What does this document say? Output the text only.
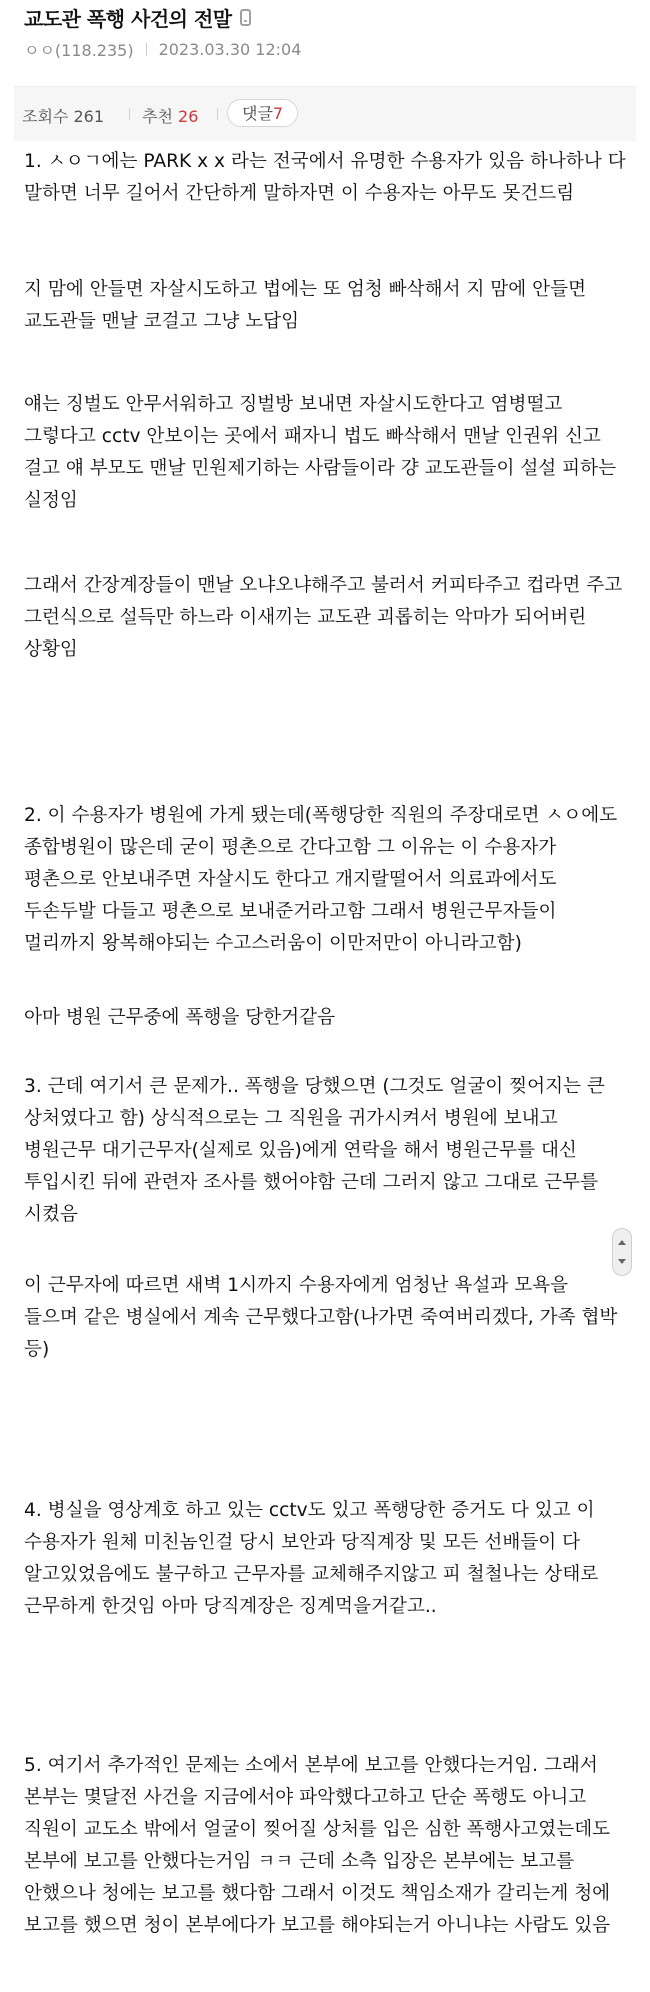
교도관 폭행 사건의 전말
ㅇㅇ(118.235) 2023.03.30 12:04
조회수 261 추천 26	댓글7

1. ㅅㅇㄱ에는 PARK x x 라는 전국에서 유명한 수용자가 있음 하나하나 다 말하면 너무 길어서 간단하게 말하자면 이 수용자는 아무도 못건드림

지 맘에 안들면 자살시도하고 법에는 또 엄청 빠삭해서 지 맘에 안들면 교도관들 맨날 코걸고 그냥 노답임

얘는 징벌도 안무서워하고 징벌방 보내면 자살시도한다고 염병떨고 그렇다고 cctv 안보이는 곳에서 패자니 법도 빠삭해서 맨날 인권위 신고 걸고 얘 부모도 맨날 민원제기하는 사람들이라 걍 교도관들이 설설 피하는 실정임

그래서 간장계장들이 맨날 오냐오냐해주고 불러서 커피타주고 컵라면 주고 그런식으로 설득만 하느라 이새끼는 교도관 괴롭히는 악마가 되어버린 상황임

2. 이 수용자가 병원에 가게 됐는데(폭행당한 직원의 주장대로면 ㅅㅇ에도 종합병원이 많은데 굳이 평촌으로 간다고함 그 이유는 이 수용자가 평촌으로 안보내주면 자살시도 한다고 개지랄떨어서 의료과에서도 두손두발 다들고 평촌으로 보내준거라고함 그래서 병원근무자들이 멀리까지 왕복해야되는 수고스러움이 이만저만이 아니라고함)

아마 병원 근무중에 폭행을 당한거같음

3. 근데 여기서 큰 문제가.. 폭행을 당했으면 (그것도 얼굴이 찢어지는 큰 상처였다고 함) 상식적으로는 그 직원을 귀가시켜서 병원에 보내고 병원근무 대기근무자(실제로 있음)에게 연락을 해서 병원근무를 대신 투입시킨 뒤에 관련자 조사를 했어야함 근데 그러지 않고 그대로 근무를 시켰음

이 근무자에 따르면 새벽 1시까지 수용자에게 엄청난 욕설과 모욕을 들으며 같은 병실에서 계속 근무했다고함(나가면 죽여버리겠다, 가족 협박 등)

4. 병실을 영상계호 하고 있는 cctv도 있고 폭행당한 증거도 다 있고 이 수용자가 원체 미친놈인걸 당시 보안과 당직계장 및 모든 선배들이 다 알고있었음에도 불구하고 근무자를 교체해주지않고 피 철철나는 상태로 근무하게 한것임 아마 당직계장은 징계먹을거같고..

5. 여기서 추가적인 문제는 소에서 본부에 보고를 안했다는거임. 그래서 본부는 몇달전 사건을 지금에서야 파악했다고하고 단순 폭행도 아니고 직원이 교도소 밖에서 얼굴이 찢어질 상처를 입은 심한 폭행사고였는데도 본부에 보고를 안했다는거임 ㅋㅋ 근데 소측 입장은 본부에는 보고를 안했으나 청에는 보고를 했다함 그래서 이것도 책임소재가 갈리는게 청에 보고를 했으면 청이 본부에다가 보고를 해야되는거 아니냐는 사람도 있음
